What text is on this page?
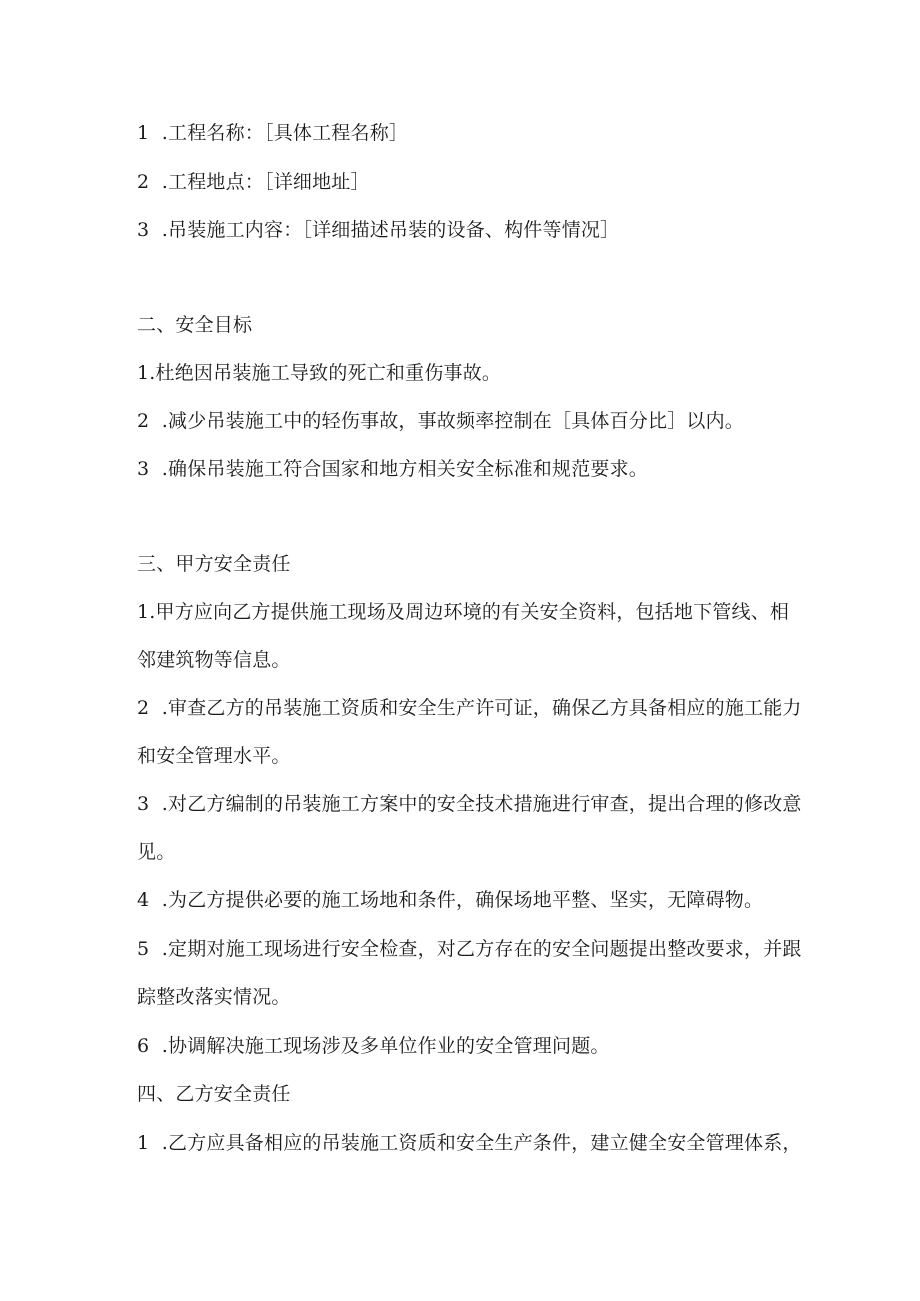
1  .工程名称：［具体工程名称］
2  .工程地点：［详细地址］
3  .吊装施工内容：［详细描述吊装的设备、构件等情况］
二、安全目标
1.杜绝因吊装施工导致的死亡和重伤事故。
2  .减少吊装施工中的轻伤事故，事故频率控制在［具体百分比］以内。
3  .确保吊装施工符合国家和地方相关安全标准和规范要求。
三、甲方安全责任
1.甲方应向乙方提供施工现场及周边环境的有关安全资料，包括地下管线、相
邻建筑物等信息。
2  .审查乙方的吊装施工资质和安全生产许可证，确保乙方具备相应的施工能力
和安全管理水平。
3  .对乙方编制的吊装施工方案中的安全技术措施进行审查，提出合理的修改意
见。
4  .为乙方提供必要的施工场地和条件，确保场地平整、坚实，无障碍物。
5  .定期对施工现场进行安全检查，对乙方存在的安全问题提出整改要求，并跟
踪整改落实情况。
6  .协调解决施工现场涉及多单位作业的安全管理问题。
四、乙方安全责任
1  .乙方应具备相应的吊装施工资质和安全生产条件，建立健全安全管理体系，
